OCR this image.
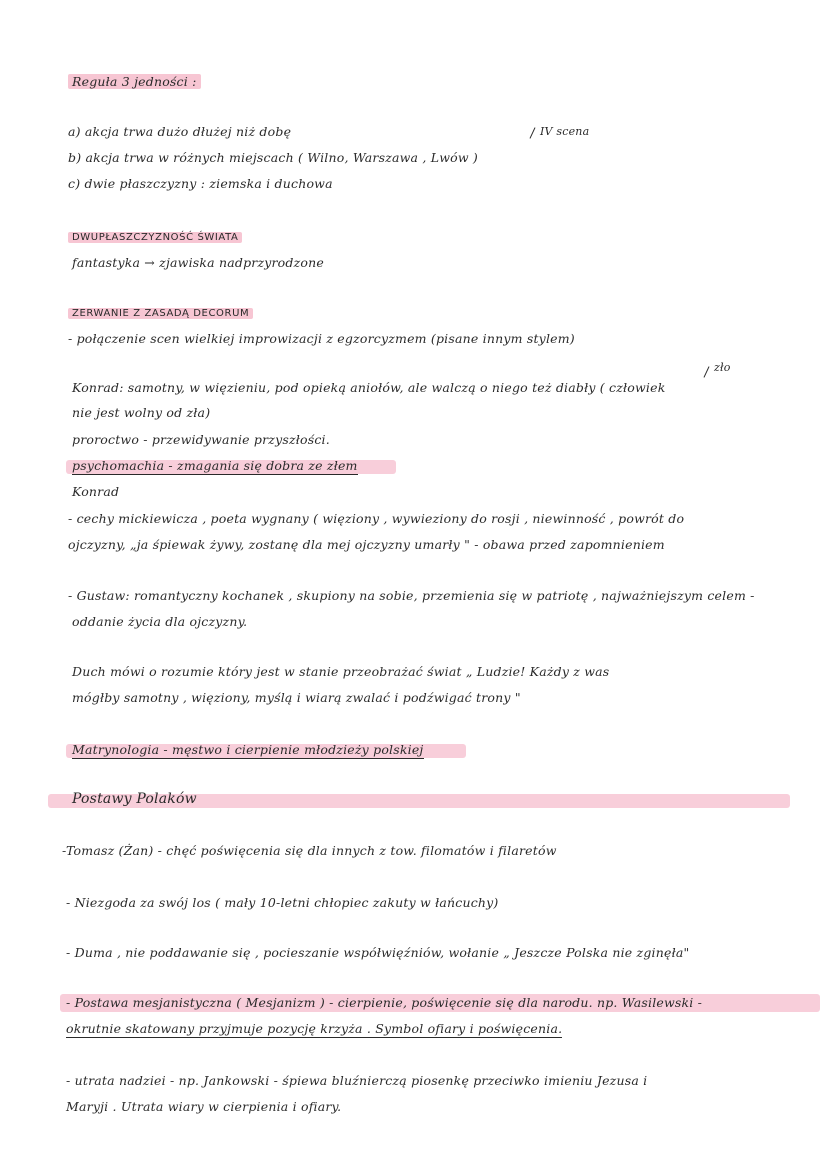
Reguła 3 jedności :
a) akcja trwa dużo dłużej niż dobę	IV scena
b) akcja trwa w różnych miejscach ( Wilno, Warszawa , Lwów )
c) dwie płaszczyzny : ziemska i duchowa
DWUPŁASZCZYZNOŚĆ ŚWIATA
fantastyka → zjawiska nadprzyrodzone
ZERWANIE Z ZASADĄ DECORUM
- połączenie scen wielkiej improwizacji z egzorcyzmem (pisane innym stylem)
zło
Konrad: samotny, w więzieniu, pod opieką aniołów, ale walczą o niego też diabły ( człowiek
nie jest wolny od zła)
proroctwo - przewidywanie przyszłości.
psychomachia - zmagania się dobra ze złem
Konrad
- cechy mickiewicza , poeta wygnany ( więziony , wywieziony do rosji , niewinność , powrót do
ojczyzny, „ja śpiewak żywy, zostanę dla mej ojczyzny umarły " - obawa przed zapomnieniem
- Gustaw: romantyczny kochanek , skupiony na sobie, przemienia się w patriotę , najważniejszym celem -
oddanie życia dla ojczyzny.
Duch mówi o rozumie który jest w stanie przeobrażać świat „ Ludzie! Każdy z was
mógłby samotny , więziony, myślą i wiarą zwalać i podźwigać trony "
Matrynologia - męstwo i cierpienie młodzieży polskiej
Postawy Polaków
-Tomasz (Żan) - chęć poświęcenia się dla innych z tow. filomatów i filaretów
- Niezgoda za swój los ( mały 10-letni chłopiec zakuty w łańcuchy)
- Duma , nie poddawanie się , pocieszanie współwięźniów, wołanie „ Jeszcze Polska nie zginęła"
- Postawa mesjanistyczna ( Mesjanizm ) - cierpienie, poświęcenie się dla narodu. np. Wasilewski -
okrutnie skatowany przyjmuje pozycję krzyża . Symbol ofiary i poświęcenia.
- utrata nadziei - np. Jankowski - śpiewa bluźnierczą piosenkę przeciwko imieniu Jezusa i
Maryji . Utrata wiary w cierpienia i ofiary.
